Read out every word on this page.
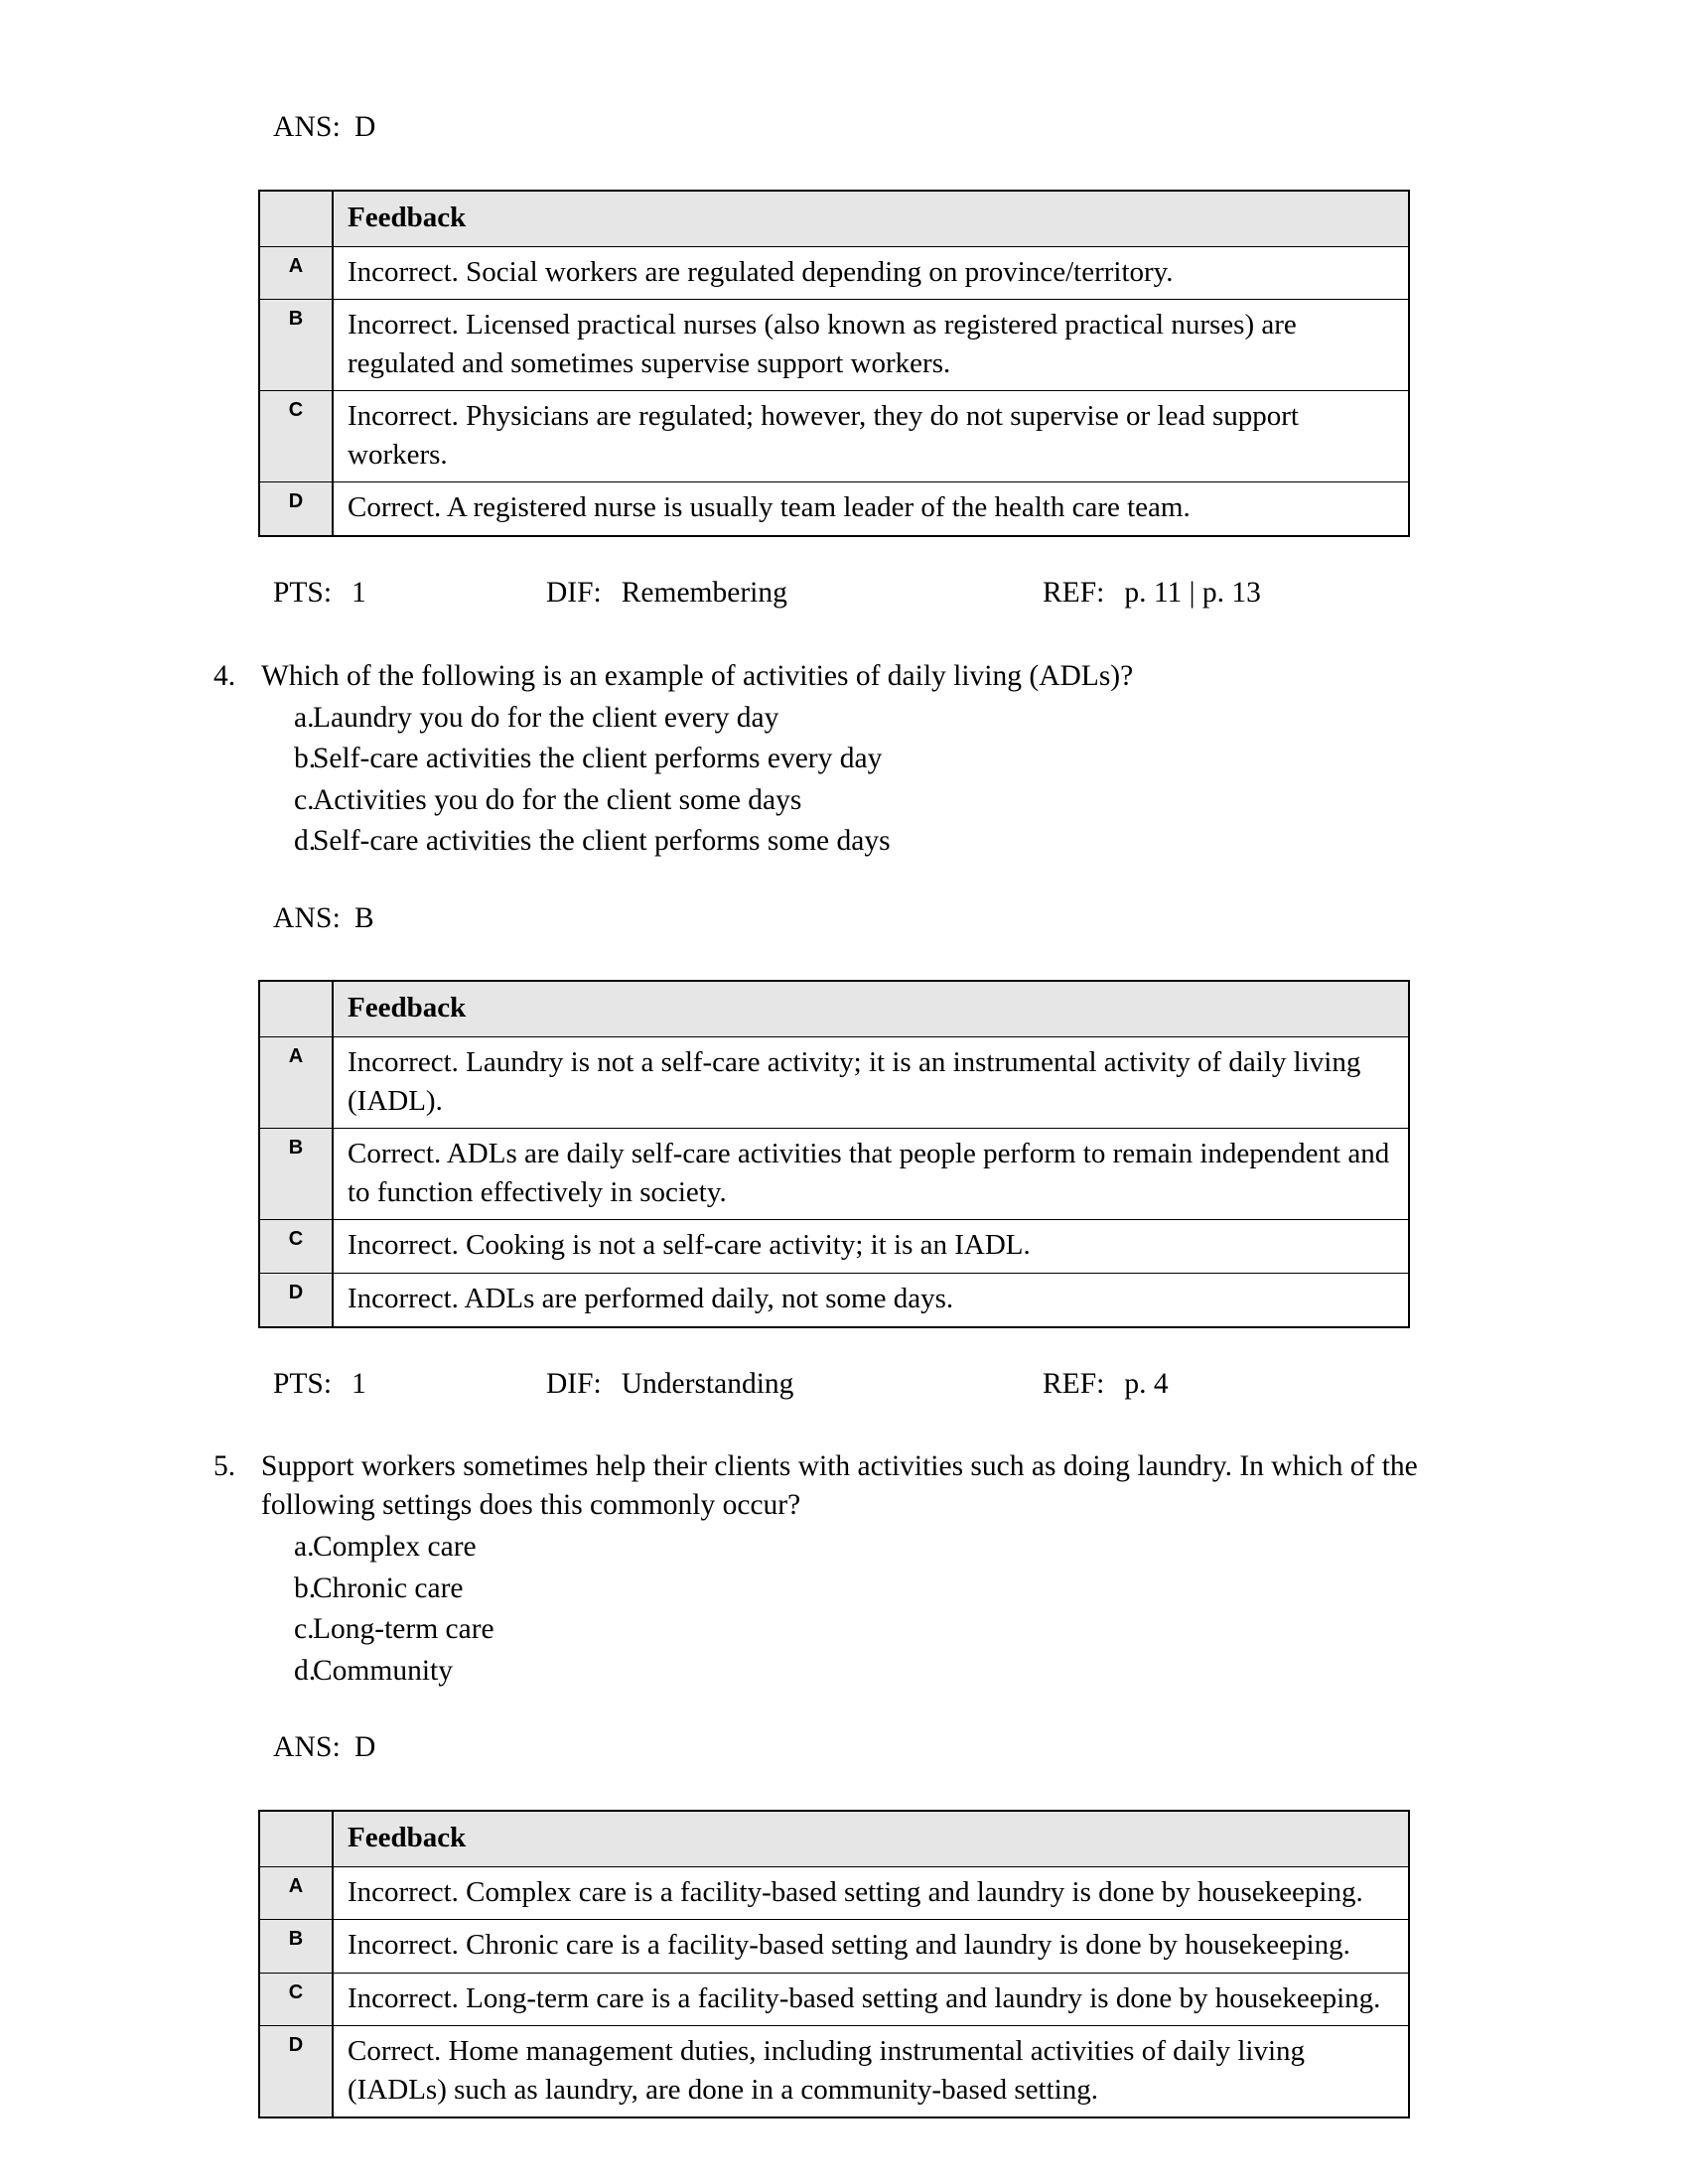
ANS: D

	Feedback
A	Incorrect. Social workers are regulated depending on province/territory.
B	Incorrect. Licensed practical nurses (also known as registered practical nurses) are regulated and sometimes supervise support workers.
C	Incorrect. Physicians are regulated; however, they do not supervise or lead support workers.
D	Correct. A registered nurse is usually team leader of the health care team.
PTS: 1	DIF: Remembering	REF: p. 11 | p. 13
4. Which of the following is an example of activities of daily living (ADLs)?

a.
Laundry you do for the client every day
b.
Self-care activities the client performs every day
c.
Activities you do for the client some days
d.
Self-care activities the client performs some days

ANS: B

	Feedback
A	Incorrect. Laundry is not a self-care activity; it is an instrumental activity of daily living (IADL).
B	Correct. ADLs are daily self-care activities that people perform to remain independent and to function effectively in society.
C	Incorrect. Cooking is not a self-care activity; it is an IADL.
D	Incorrect. ADLs are performed daily, not some days.
PTS: 1	DIF: Understanding	REF: p. 4
5. Support workers sometimes help their clients with activities such as doing laundry. In which of the following settings does this commonly occur?

a.
Complex care
b.
Chronic care
c.
Long-term care
d.
Community

ANS: D

	Feedback
A	Incorrect. Complex care is a facility-based setting and laundry is done by housekeeping.
B	Incorrect. Chronic care is a facility-based setting and laundry is done by housekeeping.
C	Incorrect. Long-term care is a facility-based setting and laundry is done by housekeeping.
D	Correct. Home management duties, including instrumental activities of daily living (IADLs) such as laundry, are done in a community-based setting.
